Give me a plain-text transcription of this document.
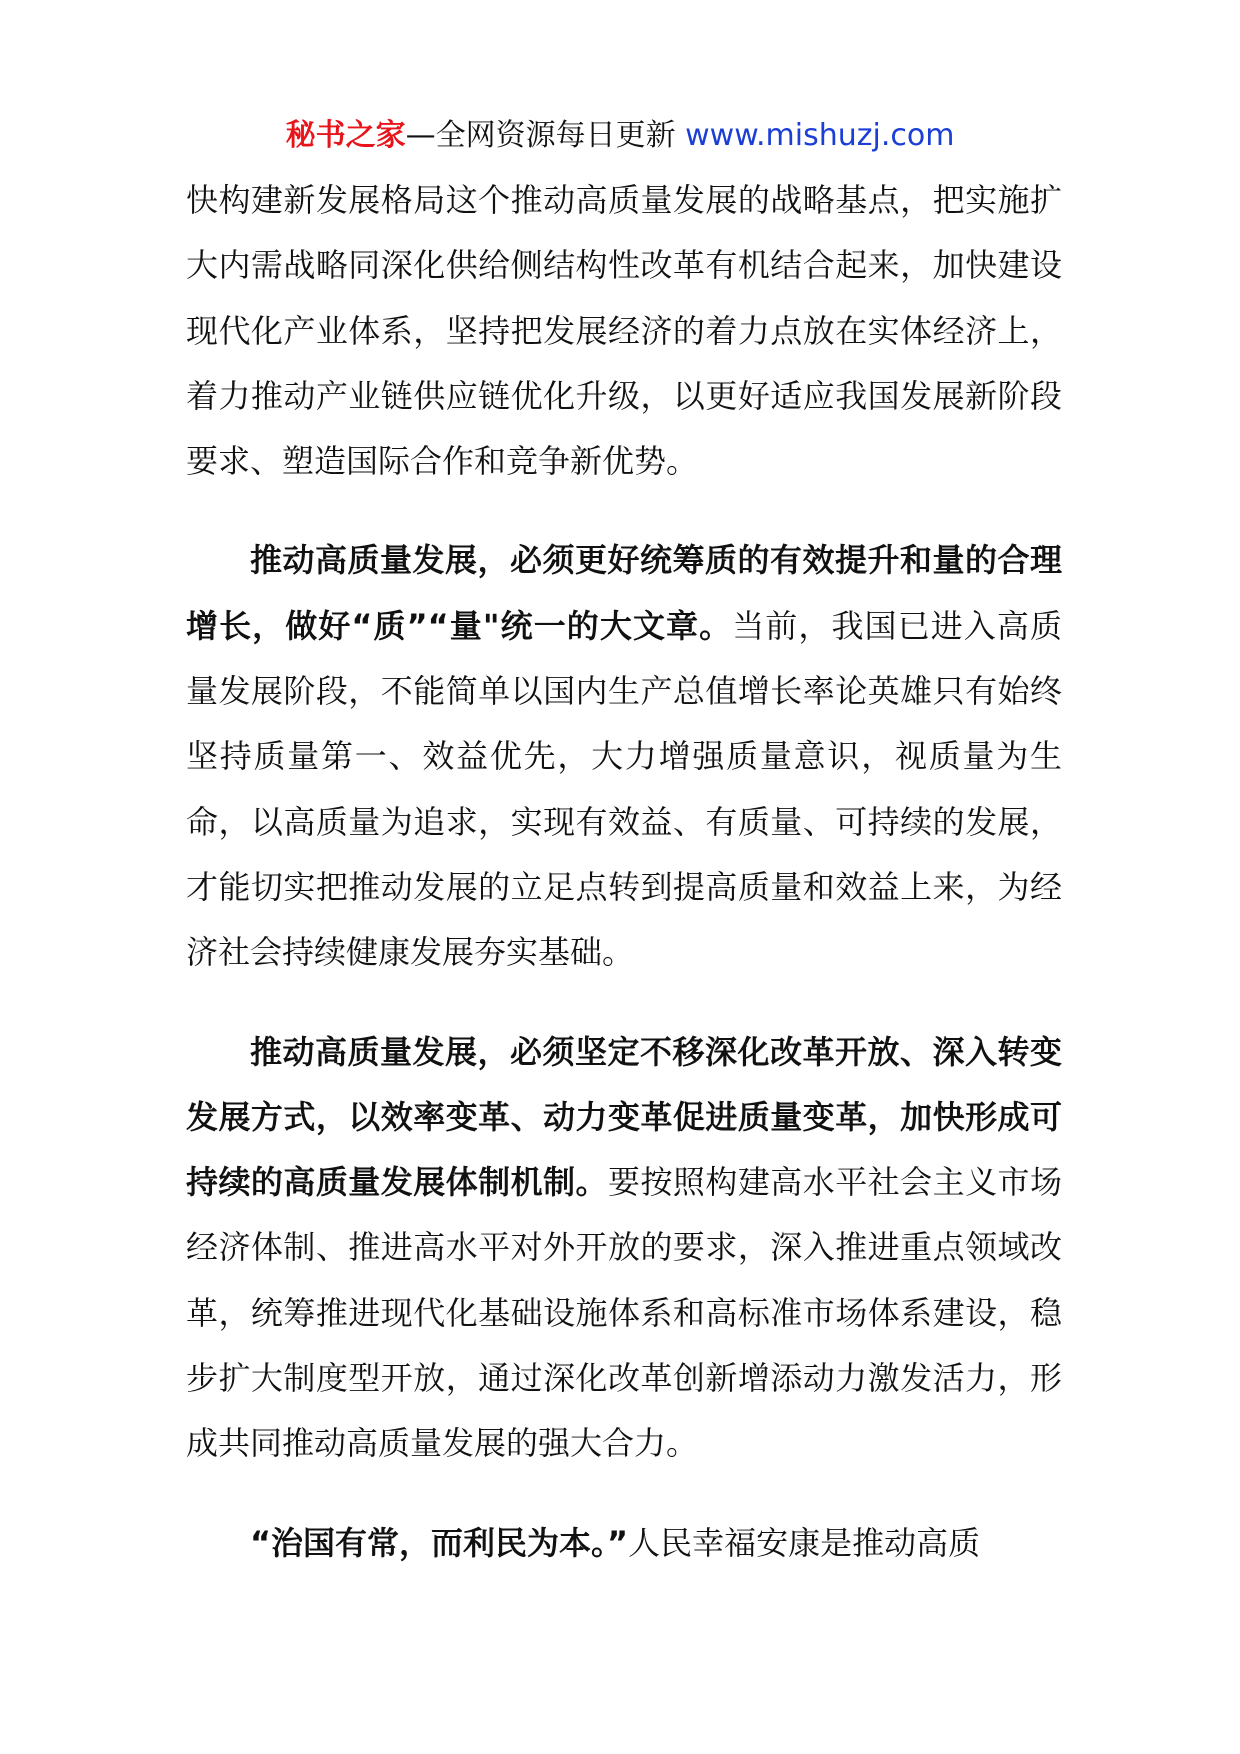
秘书之家—全网资源每日更新 www.mishuzj.com

快构建新发展格局这个推动高质量发展的战略基点，把实施扩大内需战略同深化供给侧结构性改革有机结合起来，加快建设现代化产业体系，坚持把发展经济的着力点放在实体经济上，着力推动产业链供应链优化升级，以更好适应我国发展新阶段要求、塑造国际合作和竞争新优势。

推动高质量发展，必须更好统筹质的有效提升和量的合理增长，做好“质”“量"统一的大文章。当前，我国已进入高质量发展阶段，不能简单以国内生产总值增长率论英雄只有始终坚持质量第一、效益优先，大力增强质量意识，视质量为生命，以高质量为追求，实现有效益、有质量、可持续的发展，才能切实把推动发展的立足点转到提高质量和效益上来，为经济社会持续健康发展夯实基础。

推动高质量发展，必须坚定不移深化改革开放、深入转变发展方式，以效率变革、动力变革促进质量变革，加快形成可持续的高质量发展体制机制。要按照构建高水平社会主义市场经济体制、推进高水平对外开放的要求，深入推进重点领域改革，统筹推进现代化基础设施体系和高标准市场体系建设，稳步扩大制度型开放，通过深化改革创新增添动力激发活力，形成共同推动高质量发展的强大合力。

“治国有常，而利民为本。”人民幸福安康是推动高质
